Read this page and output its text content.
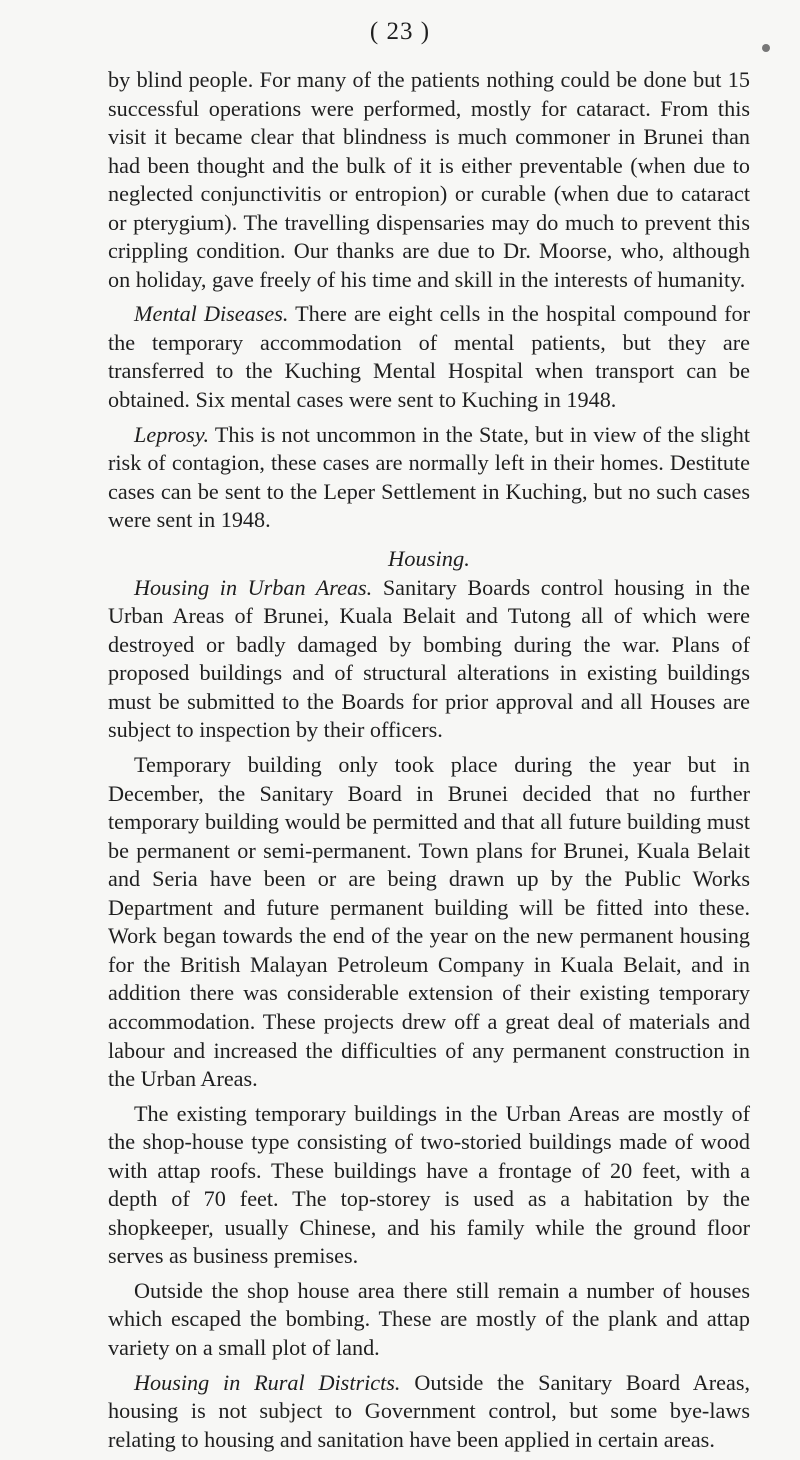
( 23 )

by blind people. For many of the patients nothing could be done but 15 successful operations were performed, mostly for cataract. From this visit it became clear that blindness is much commoner in Brunei than had been thought and the bulk of it is either preventable (when due to neglected conjunctivitis or entropion) or curable (when due to cataract or pterygium). The travelling dispensaries may do much to prevent this crippling condition. Our thanks are due to Dr. Moorse, who, although on holiday, gave freely of his time and skill in the interests of humanity.

Mental Diseases. There are eight cells in the hospital compound for the temporary accommodation of mental patients, but they are transferred to the Kuching Mental Hospital when transport can be obtained. Six mental cases were sent to Kuching in 1948.

Leprosy. This is not uncommon in the State, but in view of the slight risk of contagion, these cases are normally left in their homes. Destitute cases can be sent to the Leper Settlement in Kuching, but no such cases were sent in 1948.

Housing.

Housing in Urban Areas. Sanitary Boards control housing in the Urban Areas of Brunei, Kuala Belait and Tutong all of which were destroyed or badly damaged by bombing during the war. Plans of proposed buildings and of structural alterations in existing buildings must be submitted to the Boards for prior approval and all Houses are subject to inspection by their officers.

Temporary building only took place during the year but in December, the Sanitary Board in Brunei decided that no further temporary building would be permitted and that all future building must be permanent or semi-permanent. Town plans for Brunei, Kuala Belait and Seria have been or are being drawn up by the Public Works Department and future permanent building will be fitted into these. Work began towards the end of the year on the new permanent housing for the British Malayan Petroleum Company in Kuala Belait, and in addition there was considerable extension of their existing temporary accommodation. These projects drew off a great deal of materials and labour and increased the difficulties of any permanent construction in the Urban Areas.

The existing temporary buildings in the Urban Areas are mostly of the shop-house type consisting of two-storied buildings made of wood with attap roofs. These buildings have a frontage of 20 feet, with a depth of 70 feet. The top-storey is used as a habitation by the shopkeeper, usually Chinese, and his family while the ground floor serves as business premises.

Outside the shop house area there still remain a number of houses which escaped the bombing. These are mostly of the plank and attap variety on a small plot of land.

Housing in Rural Districts. Outside the Sanitary Board Areas, housing is not subject to Government control, but some bye-laws relating to housing and sanitation have been applied in certain areas.
